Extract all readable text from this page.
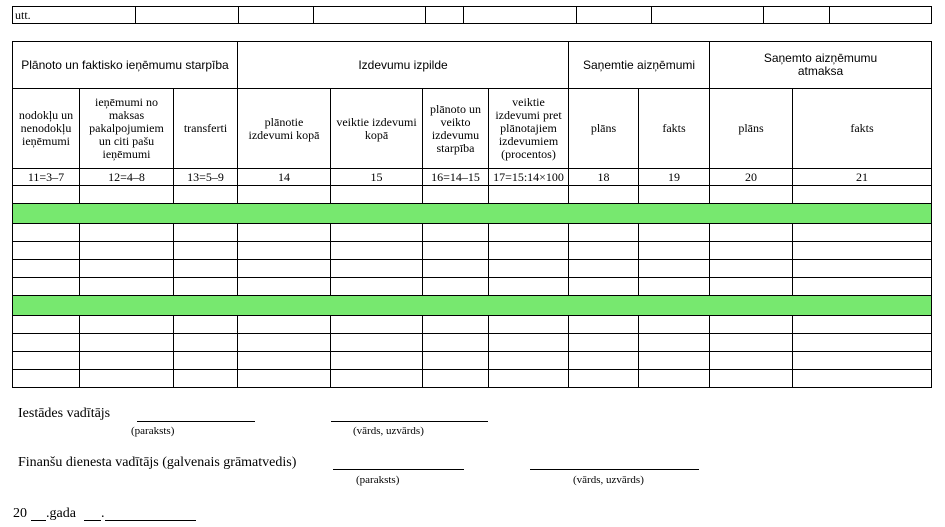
utt.									
Plānoto un faktisko ieņēmumu starpība			Izdevumu izpilde				Saņemtie aizņēmumi		Saņemto aizņēmumu atmaksa	
nodokļu un nenodokļu ieņēmumi	ieņēmumi no maksas pakalpojumiem un citi pašu ieņēmumi	transferti	plānotie izdevumi kopā	veiktie izdevumi kopā	plānoto un veikto izdevumu starpība	veiktie izdevumi pret plānotajiem izdevumiem (procentos)	plāns	fakts	plāns	fakts
11=3–7	12=4–8	13=5–9	14	15	16=14–15	17=15:14×100	18	19	20	21

Iestādes vadītājs
(paraksts)	(vārds, uzvārds)
Finanšu dienesta vadītājs (galvenais grāmatvedis)
(paraksts)	(vārds, uzvārds)
20 .gada .
